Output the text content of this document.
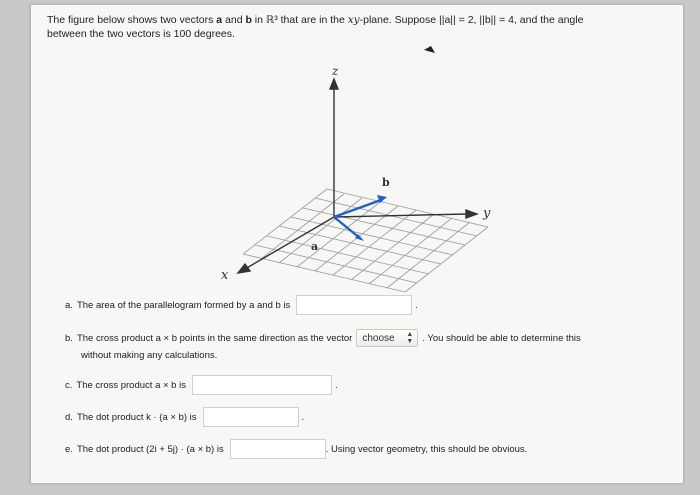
The figure below shows two vectors a and b in ℝ³ that are in the xy-plane. Suppose ||a|| = 2, ||b|| = 4, and the angle
between the two vectors is 100 degrees.
z
y
x
a
b
a. The area of the parallelogram formed by a and b is	.
b. The cross product a × b points in the same direction as the vector choose ▲
▼ . You should be able to determine this
without making any calculations.
c. The cross product a × b is	.
d. The dot product k · (a × b) is	.
e. The dot product (2i + 5j) · (a × b) is	. Using vector geometry, this should be obvious.
